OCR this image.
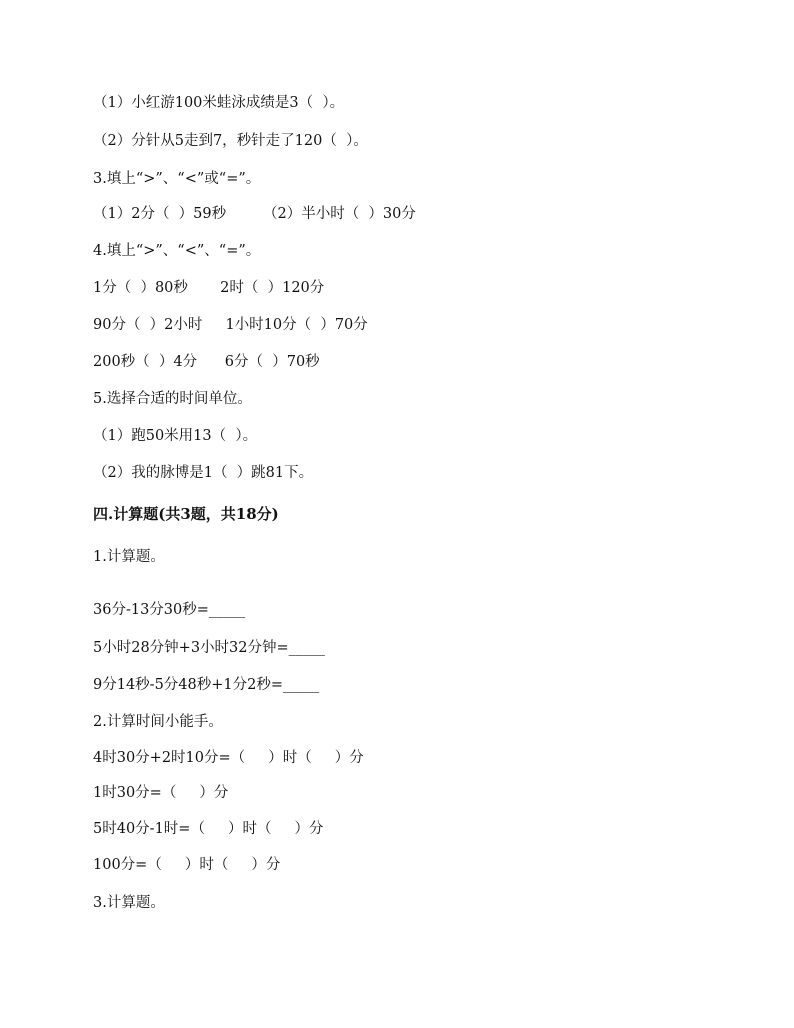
（1）小红游100米蛙泳成绩是3（  ）。
（2）分针从5走到7，秒针走了120（  ）。
3.填上“>”、“<”或“=”。
（1）2分（  ）59秒        （2）半小时（  ）30分
4.填上“>”、“<”、“=”。
1分（  ）80秒       2时（  ）120分
90分（  ）2小时     1小时10分（  ）70分
200秒（  ）4分      6分（  ）70秒
5.选择合适的时间单位。
（1）跑50米用13（  ）。
（2）我的脉博是1（  ）跳81下。
四.计算题(共3题，共18分)
1.计算题。
36分-13分30秒=_____
5小时28分钟+3小时32分钟=_____
9分14秒-5分48秒+1分2秒=_____
2.计算时间小能手。
4时30分+2时10分=（     ）时（     ）分
1时30分=（     ）分
5时40分-1时=（     ）时（     ）分
100分=（     ）时（     ）分
3.计算题。
